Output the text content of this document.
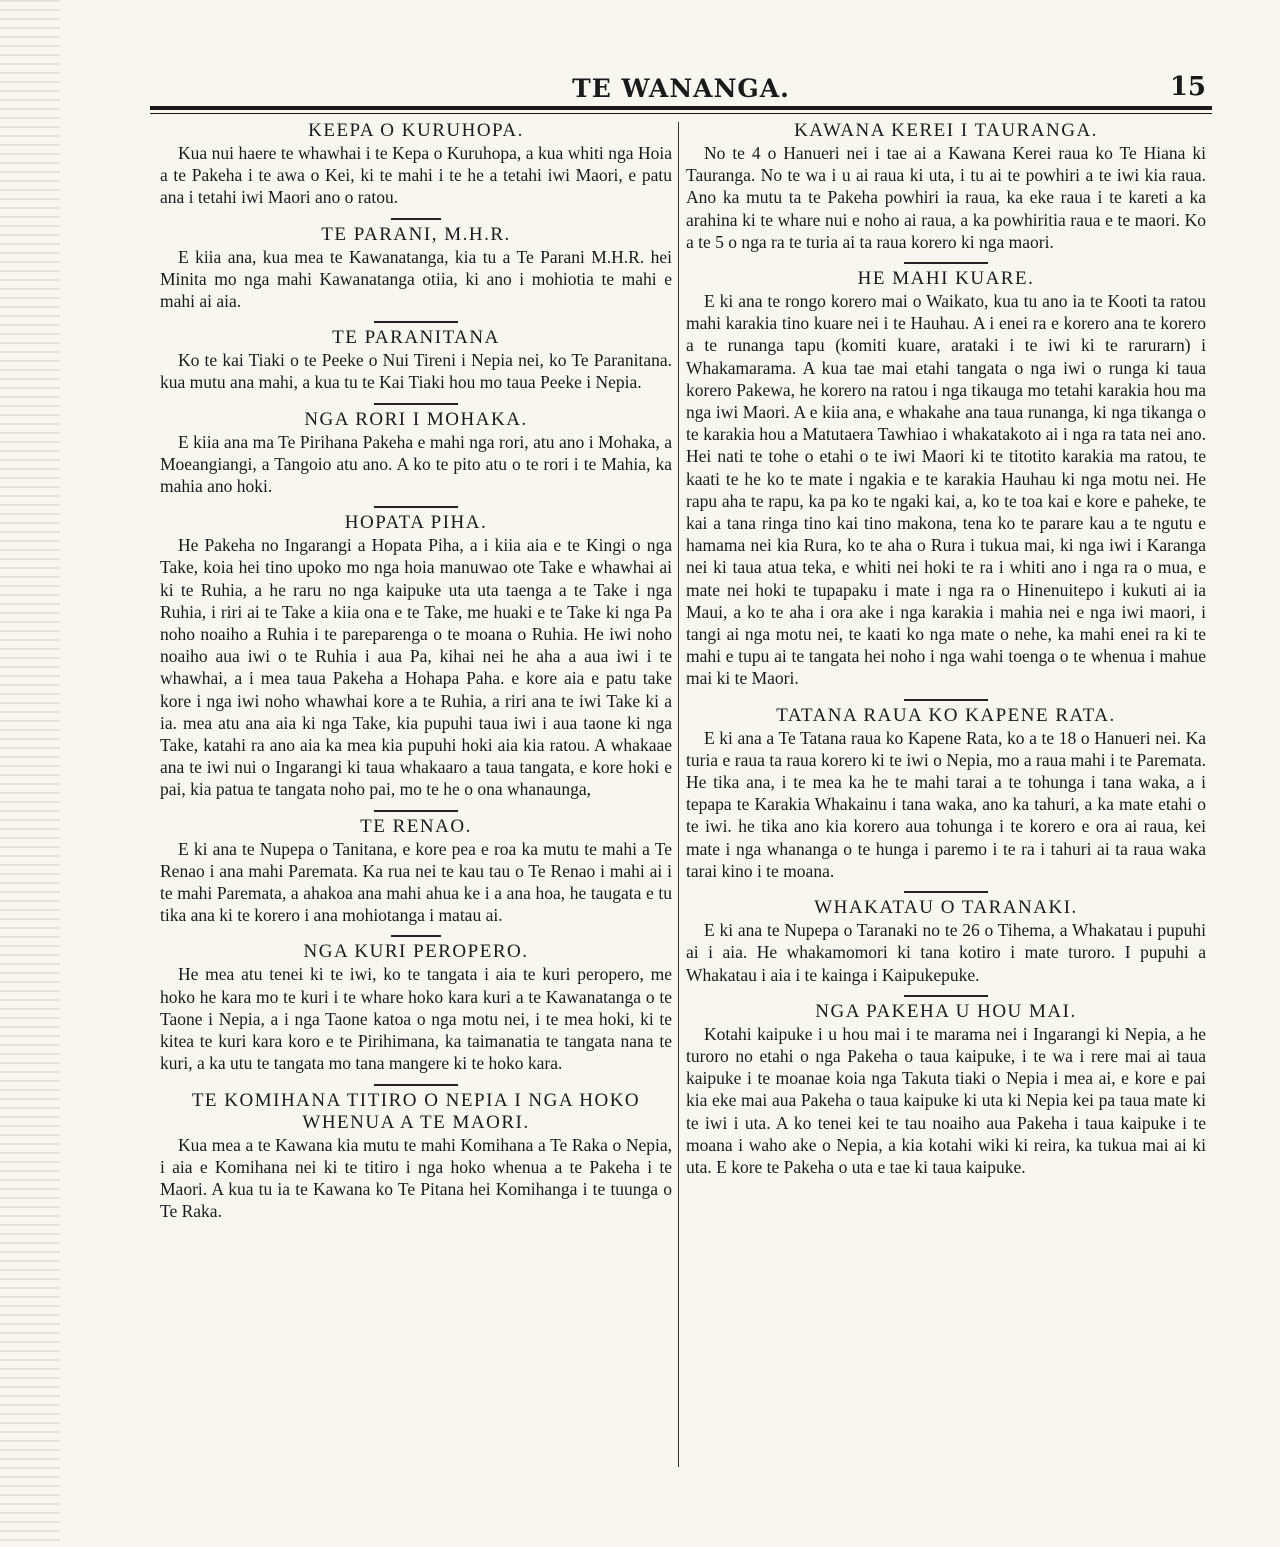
TE WANANGA.	15
KEEPA O KURUHOPA.

Kua nui haere te whawhai i te Kepa o Kuruhopa, a kua whiti nga Hoia a te Pakeha i te awa o Kei, ki te mahi i te he a tetahi iwi Maori, e patu ana i tetahi iwi Maori ano o ratou.

TE PARANI, M.H.R.

E kiia ana, kua mea te Kawanatanga, kia tu a Te Parani M.H.R. hei Minita mo nga mahi Kawanatanga otiia, ki ano i mohiotia te mahi e mahi ai aia.

TE PARANITANA

Ko te kai Tiaki o te Peeke o Nui Tireni i Nepia nei, ko Te Paranitana. kua mutu ana mahi, a kua tu te Kai Tiaki hou mo taua Peeke i Nepia.

NGA RORI I MOHAKA.

E kiia ana ma Te Pirihana Pakeha e mahi nga rori, atu ano i Mohaka, a Moeangiangi, a Tangoio atu ano. A ko te pito atu o te rori i te Mahia, ka mahia ano hoki.

HOPATA PIHA.

He Pakeha no Ingarangi a Hopata Piha, a i kiia aia e te Kingi o nga Take, koia hei tino upoko mo nga hoia manuwao ote Take e whawhai ai ki te Ruhia, a he raru no nga kaipuke uta uta taenga a te Take i nga Ruhia, i riri ai te Take a kiia ona e te Take, me huaki e te Take ki nga Pa noho noaiho a Ruhia i te pareparenga o te moana o Ruhia. He iwi noho noaiho aua iwi o te Ruhia i aua Pa, kihai nei he aha a aua iwi i te whawhai, a i mea taua Pakeha a Hohapa Paha. e kore aia e patu take kore i nga iwi noho whawhai kore a te Ruhia, a riri ana te iwi Take ki a ia. mea atu ana aia ki nga Take, kia pupuhi taua iwi i aua taone ki nga Take, katahi ra ano aia ka mea kia pupuhi hoki aia kia ratou. A whakaae ana te iwi nui o Ingarangi ki taua whakaaro a taua tangata, e kore hoki e pai, kia patua te tangata noho pai, mo te he o ona whanaunga,

TE RENAO.

E ki ana te Nupepa o Tanitana, e kore pea e roa ka mutu te mahi a Te Renao i ana mahi Paremata. Ka rua nei te kau tau o Te Renao i mahi ai i te mahi Paremata, a ahakoa ana mahi ahua ke i a ana hoa, he taugata e tu tika ana ki te korero i ana mohiotanga i matau ai.

NGA KURI PEROPERO.

He mea atu tenei ki te iwi, ko te tangata i aia te kuri peropero, me hoko he kara mo te kuri i te whare hoko kara kuri a te Kawanatanga o te Taone i Nepia, a i nga Taone katoa o nga motu nei, i te mea hoki, ki te kitea te kuri kara koro e te Pirihimana, ka taimanatia te tangata nana te kuri, a ka utu te tangata mo tana mangere ki te hoko kara.

TE KOMIHANA TITIRO O NEPIA I NGA HOKO WHENUA A TE MAORI.

Kua mea a te Kawana kia mutu te mahi Komihana a Te Raka o Nepia, i aia e Komihana nei ki te titiro i nga hoko whenua a te Pakeha i te Maori. A kua tu ia te Kawana ko Te Pitana hei Komihanga i te tuunga o Te Raka.

KAWANA KEREI I TAURANGA.

No te 4 o Hanueri nei i tae ai a Kawana Kerei raua ko Te Hiana ki Tauranga. No te wa i u ai raua ki uta, i tu ai te powhiri a te iwi kia raua. Ano ka mutu ta te Pakeha powhiri ia raua, ka eke raua i te kareti a ka arahina ki te whare nui e noho ai raua, a ka powhiritia raua e te maori. Ko a te 5 o nga ra te turia ai ta raua korero ki nga maori.

HE MAHI KUARE.

E ki ana te rongo korero mai o Waikato, kua tu ano ia te Kooti ta ratou mahi karakia tino kuare nei i te Hauhau. A i enei ra e korero ana te korero a te runanga tapu (komiti kuare, arataki i te iwi ki te rarurarn) i Whakamarama. A kua tae mai etahi tangata o nga iwi o runga ki taua korero Pakewa, he korero na ratou i nga tikauga mo tetahi karakia hou ma nga iwi Maori. A e kiia ana, e whakahe ana taua runanga, ki nga tikanga o te karakia hou a Matutaera Tawhiao i whakatakoto ai i nga ra tata nei ano. Hei nati te tohe o etahi o te iwi Maori ki te titotito karakia ma ratou, te kaati te he ko te mate i ngakia e te karakia Hauhau ki nga motu nei. He rapu aha te rapu, ka pa ko te ngaki kai, a, ko te toa kai e kore e paheke, te kai a tana ringa tino kai tino makona, tena ko te parare kau a te ngutu e hamama nei kia Rura, ko te aha o Rura i tukua mai, ki nga iwi i Karanga nei ki taua atua teka, e whiti nei hoki te ra i whiti ano i nga ra o mua, e mate nei hoki te tupapaku i mate i nga ra o Hinenuitepo i kukuti ai ia Maui, a ko te aha i ora ake i nga karakia i mahia nei e nga iwi maori, i tangi ai nga motu nei, te kaati ko nga mate o nehe, ka mahi enei ra ki te mahi e tupu ai te tangata hei noho i nga wahi toenga o te whenua i mahue mai ki te Maori.

TATANA RAUA KO KAPENE RATA.

E ki ana a Te Tatana raua ko Kapene Rata, ko a te 18 o Hanueri nei. Ka turia e raua ta raua korero ki te iwi o Nepia, mo a raua mahi i te Paremata. He tika ana, i te mea ka he te mahi tarai a te tohunga i tana waka, a i tepapa te Karakia Whakainu i tana waka, ano ka tahuri, a ka mate etahi o te iwi. he tika ano kia korero aua tohunga i te korero e ora ai raua, kei mate i nga whananga o te hunga i paremo i te ra i tahuri ai ta raua waka tarai kino i te moana.

WHAKATAU O TARANAKI.

E ki ana te Nupepa o Taranaki no te 26 o Tihema, a Whakatau i pupuhi ai i aia. He whakamomori ki tana kotiro i mate turoro. I pupuhi a Whakatau i aia i te kainga i Kaipukepuke.

NGA PAKEHA U HOU MAI.

Kotahi kaipuke i u hou mai i te marama nei i Ingarangi ki Nepia, a he turoro no etahi o nga Pakeha o taua kaipuke, i te wa i rere mai ai taua kaipuke i te moanae koia nga Takuta tiaki o Nepia i mea ai, e kore e pai kia eke mai aua Pakeha o taua kaipuke ki uta ki Nepia kei pa taua mate ki te iwi i uta. A ko tenei kei te tau noaiho aua Pakeha i taua kaipuke i te moana i waho ake o Nepia, a kia kotahi wiki ki reira, ka tukua mai ai ki uta. E kore te Pakeha o uta e tae ki taua kaipuke.
